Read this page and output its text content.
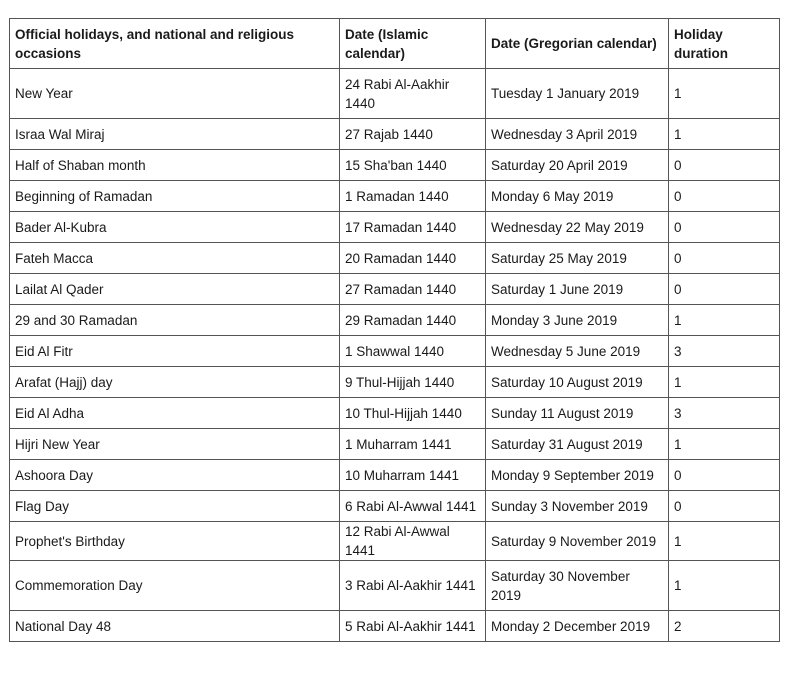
Official holidays, and national and religious occasions	Date (Islamic calendar)	Date (Gregorian calendar)	Holiday duration
New Year	24 Rabi Al-Aakhir 1440	Tuesday 1 January 2019	1
Israa Wal Miraj	27 Rajab 1440	Wednesday 3 April 2019	1
Half of Shaban month	15 Sha'ban 1440	Saturday 20 April 2019	0
Beginning of Ramadan	1 Ramadan 1440	Monday 6 May 2019	0
Bader Al-Kubra	17 Ramadan 1440	Wednesday 22 May 2019	0
Fateh Macca	20 Ramadan 1440	Saturday 25 May 2019	0
Lailat Al Qader	27 Ramadan 1440	Saturday 1 June 2019	0
29 and 30 Ramadan	29 Ramadan 1440	Monday 3 June 2019	1
Eid Al Fitr	1 Shawwal 1440	Wednesday 5 June 2019	3
Arafat (Hajj) day	9 Thul-Hijjah 1440	Saturday 10 August 2019	1
Eid Al Adha	10 Thul-Hijjah 1440	Sunday 11 August 2019	3
Hijri New Year	1 Muharram 1441	Saturday 31 August 2019	1
Ashoora Day	10 Muharram 1441	Monday 9 September 2019	0
Flag Day	6 Rabi Al-Awwal 1441	Sunday 3 November 2019	0
Prophet's Birthday	12 Rabi Al-Awwal 1441	Saturday 9 November 2019	1
Commemoration Day	3 Rabi Al-Aakhir 1441	Saturday 30 November 2019	1
National Day 48	5 Rabi Al-Aakhir 1441	Monday 2 December 2019	2
